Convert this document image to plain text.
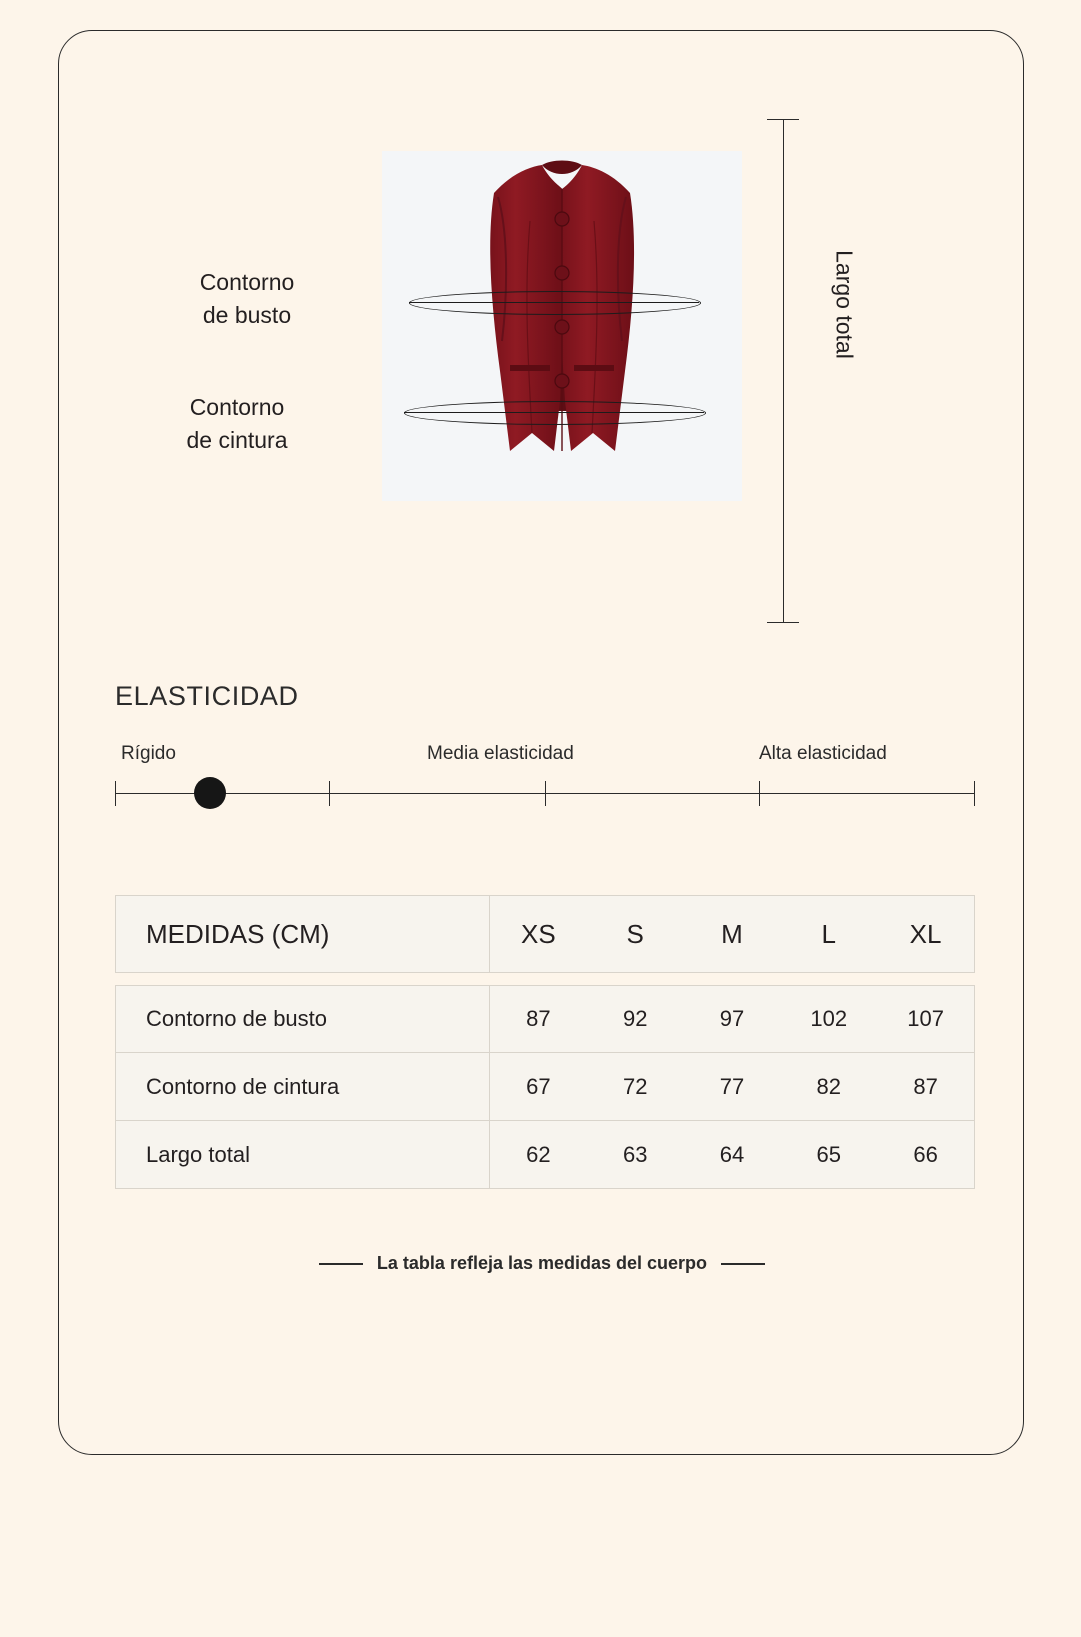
Contorno
de busto
Contorno
de cintura
Largo total
ELASTICIDAD
Rígido	Media elasticidad	Alta elasticidad
MEDIDAS (CM)	XS	S	M	L	XL
Contorno de busto	87	92	97	102	107
Contorno de cintura	67	72	77	82	87
Largo total	62	63	64	65	66
La tabla refleja las medidas del cuerpo
